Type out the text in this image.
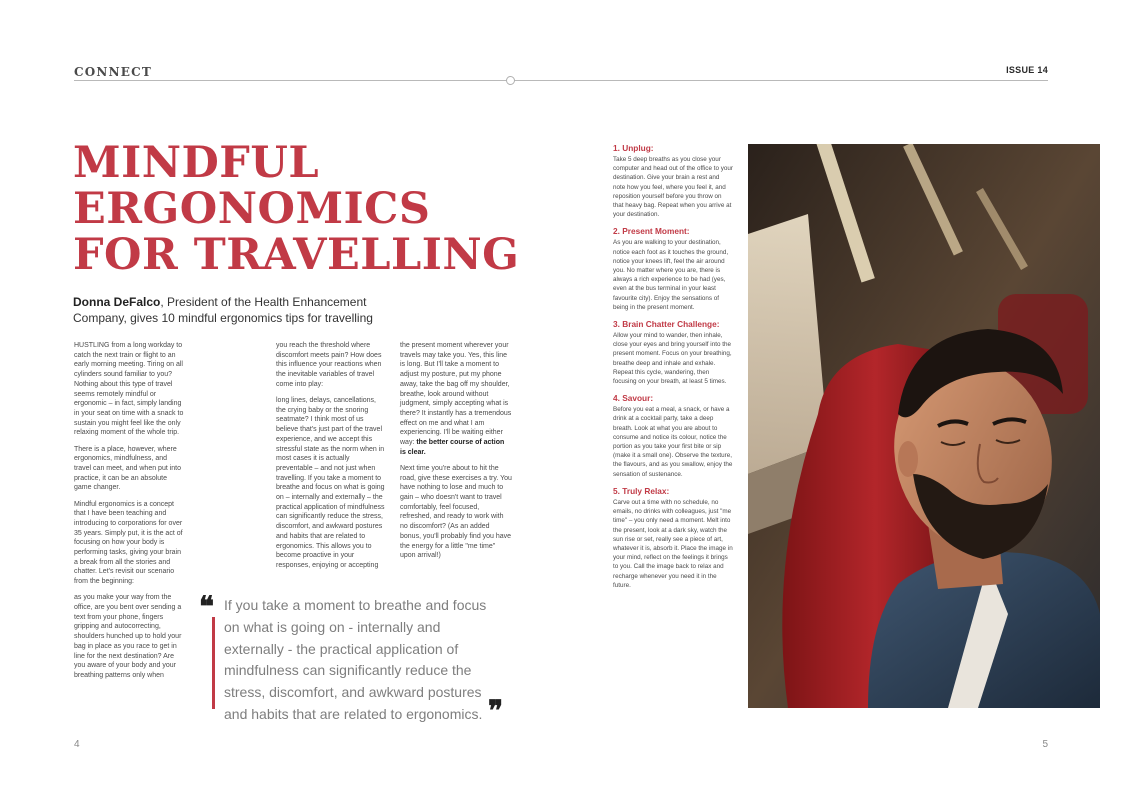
CONNECT	ISSUE 14
MINDFUL
ERGONOMICS
FOR TRAVELLING
Donna DeFalco, President of the Health Enhancement Company, gives 10 mindful ergonomics tips for travelling

HUSTLING from a long workday to catch the next train or flight to an early morning meeting. Tiring on all cylinders sound familiar to you? Nothing about this type of travel seems remotely mindful or ergonomic – in fact, simply landing in your seat on time with a snack to sustain you might feel like the only relaxing moment of the whole trip.

There is a place, however, where ergonomics, mindfulness, and travel can meet, and when put into practice, it can be an absolute game changer.

Mindful ergonomics is a concept that I have been teaching and introducing to corporations for over 35 years. Simply put, it is the act of focusing on how your body is performing tasks, giving your brain a break from all the stories and chatter. Let's revisit our scenario from the beginning:

as you make your way from the office, are you bent over sending a text from your phone, fingers gripping and autocorrecting, shoulders hunched up to hold your bag in place as you race to get in line for the next destination? Are you aware of your body and your breathing patterns only when

you reach the threshold where discomfort meets pain? How does this influence your reactions when the inevitable variables of travel come into play:

long lines, delays, cancellations, the crying baby or the snoring seatmate? I think most of us believe that's just part of the travel experience, and we accept this stressful state as the norm when in most cases it is actually preventable – and not just when travelling. If you take a moment to breathe and focus on what is going on – internally and externally – the practical application of mindfulness can significantly reduce the stress, discomfort, and awkward postures and habits that are related to ergonomics. This allows you to become proactive in your responses, enjoying or accepting

the present moment wherever your travels may take you. Yes, this line is long. But I'll take a moment to adjust my posture, put my phone away, take the bag off my shoulder, breathe, look around without judgment, simply accepting what is there? It instantly has a tremendous effect on me and what I am experiencing. I'll be waiting either way: the better course of action is clear.

Next time you're about to hit the road, give these exercises a try. You have nothing to lose and much to gain – who doesn't want to travel comfortably, feel focused, refreshed, and ready to work with no discomfort? (As an added bonus, you'll probably find you have the energy for a little "me time" upon arrival!)

❝ If you take a moment to breathe and focus on what is going on - internally and externally - the practical application of mindfulness can significantly reduce the stress, discomfort, and awkward postures and habits that are related to ergonomics. ❞
1. Unplug:

Take 5 deep breaths as you close your computer and head out of the office to your destination. Give your brain a rest and note how you feel, where you feel it, and reposition yourself before you throw on that heavy bag. Repeat when you arrive at your destination.

2. Present Moment:

As you are walking to your destination, notice each foot as it touches the ground, notice your knees lift, feel the air around you. No matter where you are, there is always a rich experience to be had (yes, even at the bus terminal in your least favourite city). Enjoy the sensations of being in the present moment.

3. Brain Chatter Challenge:

Allow your mind to wander, then inhale, close your eyes and bring yourself into the present moment. Focus on your breathing, breathe deep and inhale and exhale. Repeat this cycle, wandering, then focusing on your breath, at least 5 times.

4. Savour:

Before you eat a meal, a snack, or have a drink at a cocktail party, take a deep breath. Look at what you are about to consume and notice its colour, notice the portion as you take your first bite or sip (make it a small one). Observe the texture, the flavours, and as you swallow, enjoy the sensation of sustenance.

5. Truly Relax:

Carve out a time with no schedule, no emails, no drinks with colleagues, just "me time" – you only need a moment. Melt into the present, look at a dark sky, watch the sun rise or set, really see a piece of art, whatever it is, absorb it. Place the image in your mind, reflect on the feelings it brings to you. Call the image back to relax and recharge whenever you need it in the future.

4	5
